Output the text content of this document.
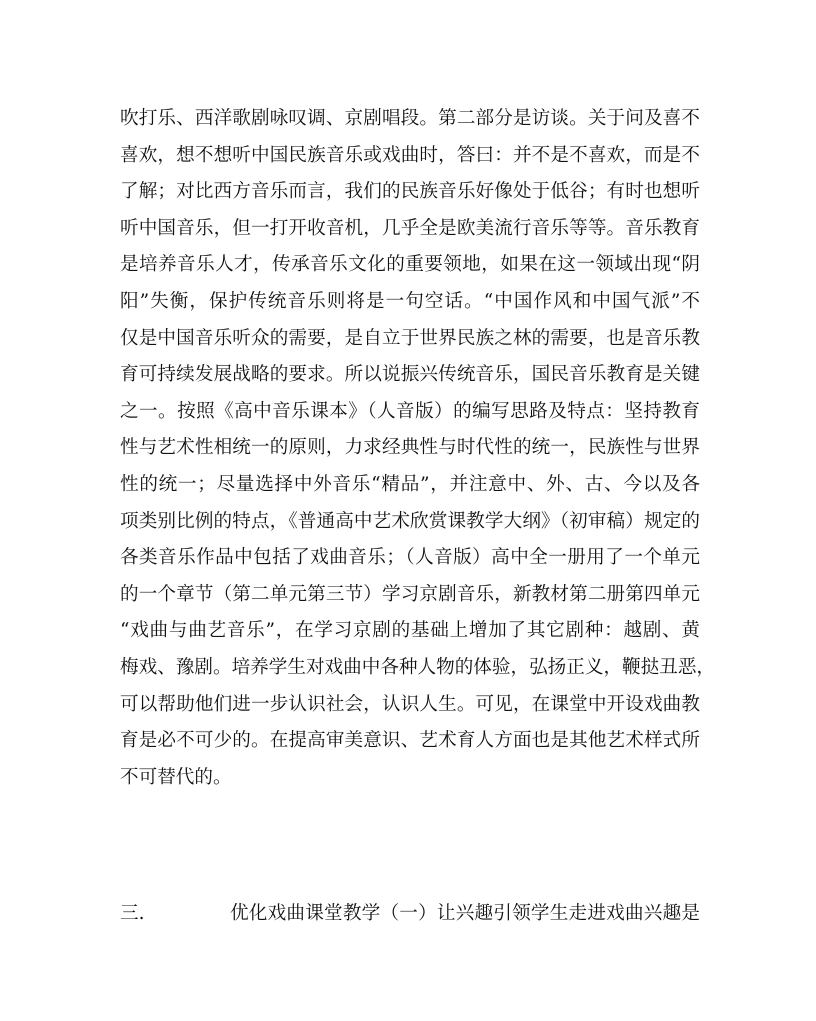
吹打乐、西洋歌剧咏叹调、京剧唱段。第二部分是访谈。关于问及喜不
喜欢，想不想听中国民族音乐或戏曲时，答曰：并不是不喜欢，而是不
了解；对比西方音乐而言，我们的民族音乐好像处于低谷；有时也想听
听中国音乐，但一打开收音机，几乎全是欧美流行音乐等等。音乐教育
是培养音乐人才，传承音乐文化的重要领地，如果在这一领域出现“阴
阳”失衡，保护传统音乐则将是一句空话。“中国作风和中国气派”不
仅是中国音乐听众的需要，是自立于世界民族之林的需要，也是音乐教
育可持续发展战略的要求。所以说振兴传统音乐，国民音乐教育是关键
之一。按照《高中音乐课本》（人音版）的编写思路及特点：坚持教育
性与艺术性相统一的原则，力求经典性与时代性的统一，民族性与世界
性的统一；尽量选择中外音乐“精品”，并注意中、外、古、今以及各
项类别比例的特点，《普通高中艺术欣赏课教学大纲》（初审稿）规定的
各类音乐作品中包括了戏曲音乐；（人音版）高中全一册用了一个单元
的一个章节（第二单元第三节）学习京剧音乐，新教材第二册第四单元
“戏曲与曲艺音乐”，在学习京剧的基础上增加了其它剧种：越剧、黄
梅戏、豫剧。培养学生对戏曲中各种人物的体验，弘扬正义，鞭挞丑恶，
可以帮助他们进一步认识社会，认识人生。可见，在课堂中开设戏曲教
育是必不可少的。在提高审美意识、艺术育人方面也是其他艺术样式所
不可替代的。
三.	优化戏曲课堂教学（一）让兴趣引领学生走进戏曲兴趣是
